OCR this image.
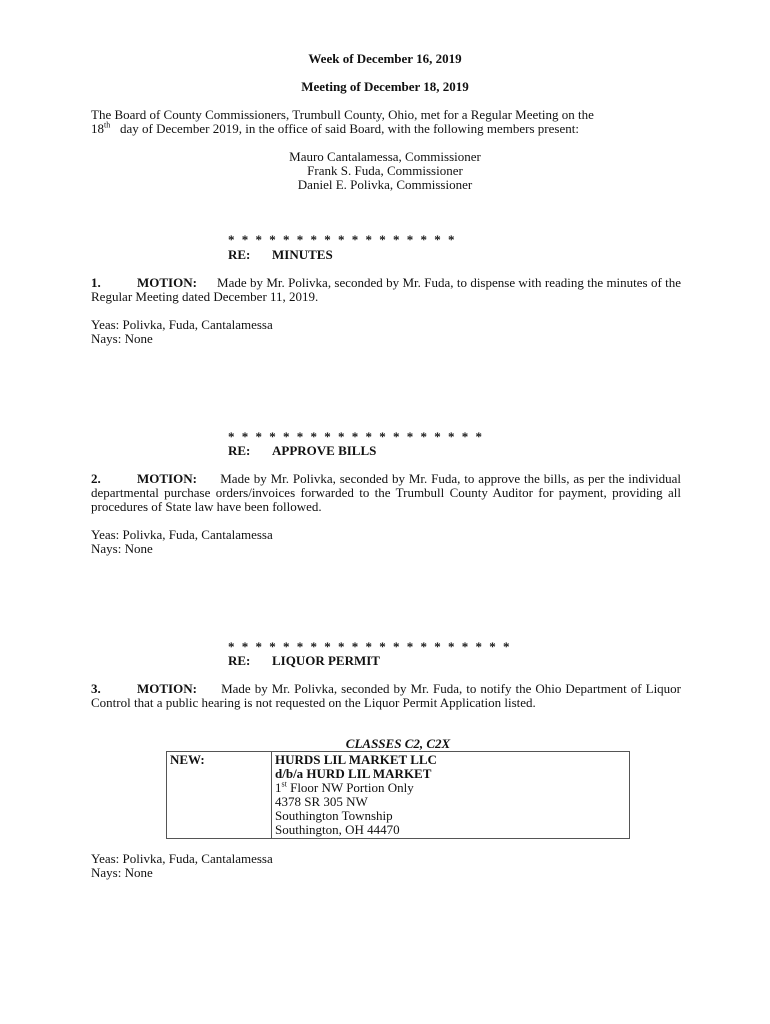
Week of December 16, 2019
Meeting of December 18, 2019
The Board of County Commissioners, Trumbull County, Ohio, met for a Regular Meeting on the
18th   day of December 2019, in the office of said Board, with the following members present:
Mauro Cantalamessa, Commissioner
Frank S. Fuda, Commissioner
Daniel E. Polivka, Commissioner
* * * * * * * * * * * * * * * * *
RE: MINUTES
1.	MOTION: Made by Mr. Polivka, seconded by Mr. Fuda, to dispense with reading the minutes of the Regular Meeting dated December 11, 2019.
Yeas: Polivka, Fuda, Cantalamessa
Nays: None
* * * * * * * * * * * * * * * * * * *
RE: APPROVE BILLS
2.	MOTION: Made by Mr. Polivka, seconded by Mr. Fuda, to approve the bills, as per the individual departmental purchase orders/invoices forwarded to the Trumbull County Auditor for payment, providing all procedures of State law have been followed.
Yeas: Polivka, Fuda, Cantalamessa
Nays: None
* * * * * * * * * * * * * * * * * * * * *
RE: LIQUOR PERMIT
3.	MOTION: Made by Mr. Polivka, seconded by Mr. Fuda, to notify the Ohio Department of Liquor Control that a public hearing is not requested on the Liquor Permit Application listed.
CLASSES C2, C2X
NEW:	HURDS LIL MARKET LLC
d/b/a HURD LIL MARKET
1st Floor NW Portion Only
4378 SR 305 NW
Southington Township
Southington, OH 44470
Yeas: Polivka, Fuda, Cantalamessa
Nays: None
